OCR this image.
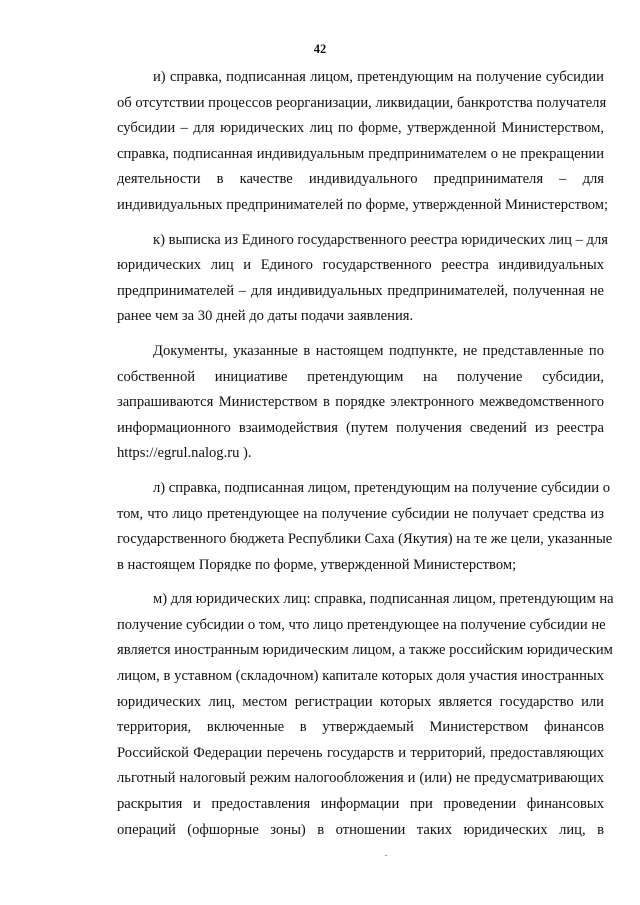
42

и) справка, подписанная лицом, претендующим на получение субсидии
об отсутствии процессов реорганизации, ликвидации, банкротства получателя
субсидии – для юридических лиц по форме, утвержденной Министерством,
справка, подписанная индивидуальным предпринимателем о не прекращении
деятельности в качестве индивидуального предпринимателя – для
индивидуальных предпринимателей по форме, утвержденной Министерством;

к) выписка из Единого государственного реестра юридических лиц – для
юридических лиц и Единого государственного реестра индивидуальных
предпринимателей – для индивидуальных предпринимателей, полученная не
ранее чем за 30 дней до даты подачи заявления.

Документы, указанные в настоящем подпункте, не представленные по
собственной инициативе претендующим на получение субсидии,
запрашиваются Министерством в порядке электронного межведомственного
информационного взаимодействия (путем получения сведений из реестра
https://egrul.nalog.ru ).

л) справка, подписанная лицом, претендующим на получение субсидии о
том, что лицо претендующее на получение субсидии не получает средства из
государственного бюджета Республики Саха (Якутия) на те же цели, указанные
в настоящем Порядке по форме, утвержденной Министерством;

м) для юридических лиц: справка, подписанная лицом, претендующим на
получение субсидии о том, что лицо претендующее на получение субсидии не
является иностранным юридическим лицом, а также российским юридическим
лицом, в уставном (складочном) капитале которых доля участия иностранных
юридических лиц, местом регистрации которых является государство или
территория, включенные в утверждаемый Министерством финансов
Российской Федерации перечень государств и территорий, предоставляющих
льготный налоговый режим налогообложения и (или) не предусматривающих
раскрытия и предоставления информации при проведении финансовых
операций (офшорные зоны) в отношении таких юридических лиц, в
